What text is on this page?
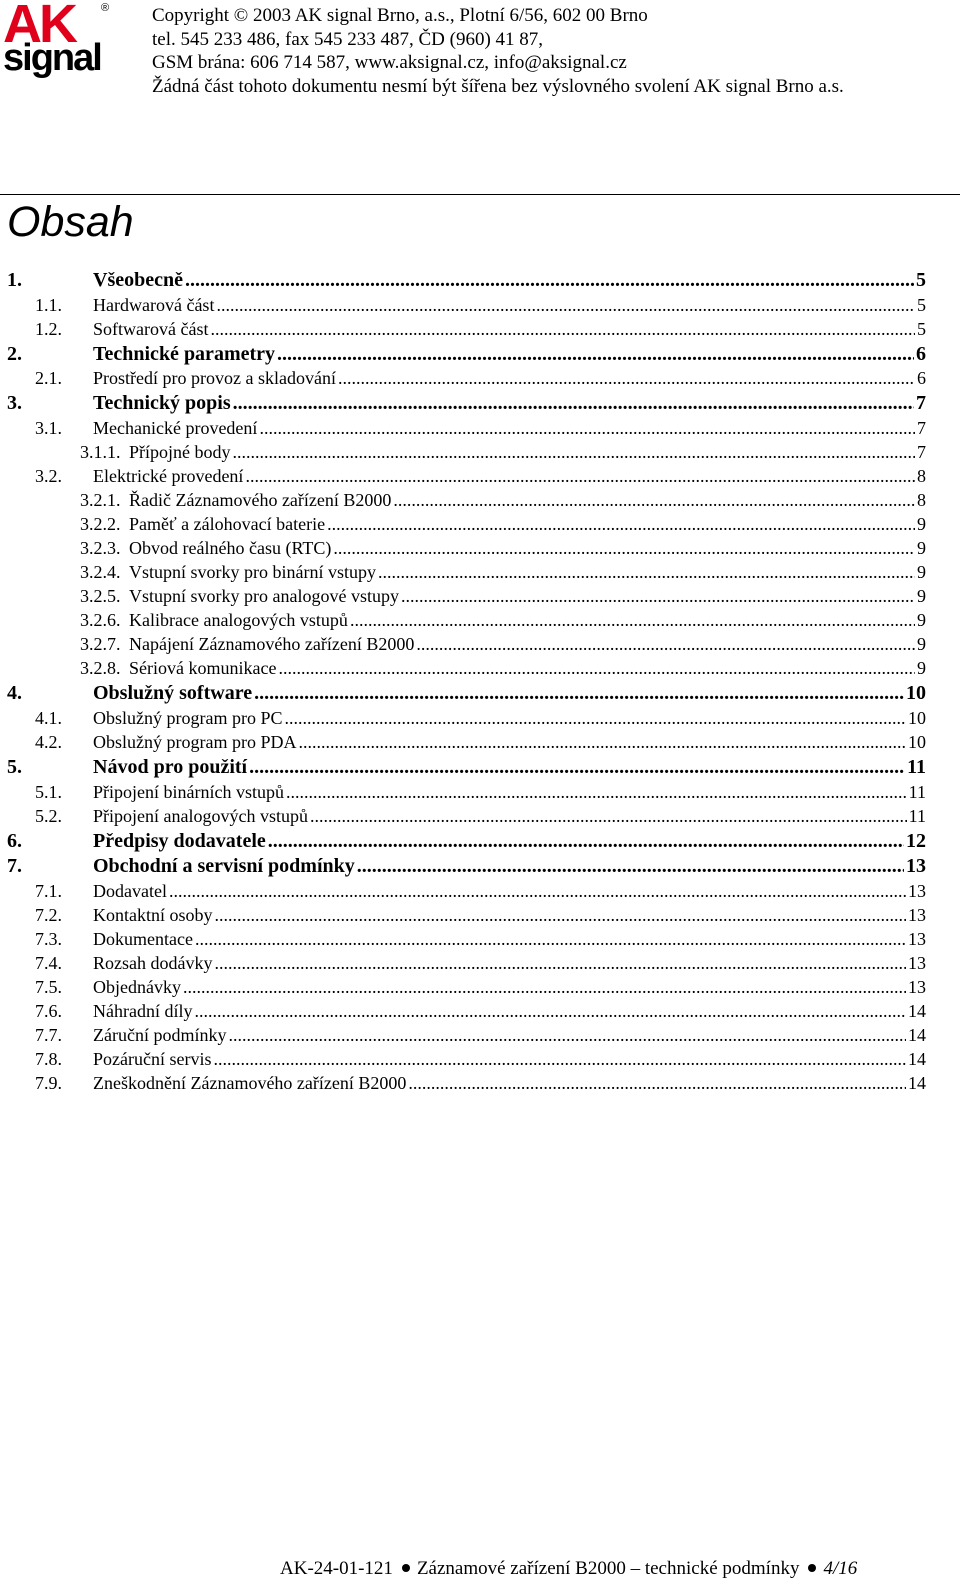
AK
signal
® Copyright © 2003 AK signal Brno, a.s., Plotní 6/56, 602 00 Brno
tel. 545 233 486, fax 545 233 487, ČD (960) 41 87,
GSM brána: 606 714 587, www.aksignal.cz, info@aksignal.cz
Žádná část tohoto dokumentu nesmí být šířena bez výslovného svolení AK signal Brno a.s.
Obsah
1.	Všeobecně .....	5
1.1. Hardwarová část .....	5
1.2. Softwarová část .....	5
2.	Technické parametry .....	6
2.1. Prostředí pro provoz a skladování .....	6
3.	Technický popis .....	7
3.1. Mechanické provedení .....	7
3.1.1. Přípojné body .....	7
3.2. Elektrické provedení .....	8
3.2.1. Řadič Záznamového zařízení B2000 .....	8
3.2.2. Paměť a zálohovací baterie .....	9
3.2.3. Obvod reálného času (RTC) .....	9
3.2.4. Vstupní svorky pro binární vstupy .....	9
3.2.5. Vstupní svorky pro analogové vstupy .....	9
3.2.6. Kalibrace analogových vstupů .....	9
3.2.7. Napájení Záznamového zařízení B2000 .....	9
3.2.8. Sériová komunikace .....	9
4.	Obslužný software .....	10
4.1. Obslužný program pro PC .....	10
4.2. Obslužný program pro PDA .....	10
5.	Návod pro použití .....	11
5.1. Připojení binárních vstupů .....	11
5.2. Připojení analogových vstupů .....	11
6.	Předpisy dodavatele .....	12
7.	Obchodní a servisní podmínky .....	13
7.1. Dodavatel .....	13
7.2. Kontaktní osoby .....	13
7.3. Dokumentace .....	13
7.4. Rozsah dodávky .....	13
7.5. Objednávky .....	13
7.6. Náhradní díly .....	14
7.7. Záruční podmínky .....	14
7.8. Pozáruční servis .....	14
7.9. Zneškodnění Záznamového zařízení B2000 .....	14
AK-24-01-121 Záznamové zařízení B2000 – technické podmínky 4/16
